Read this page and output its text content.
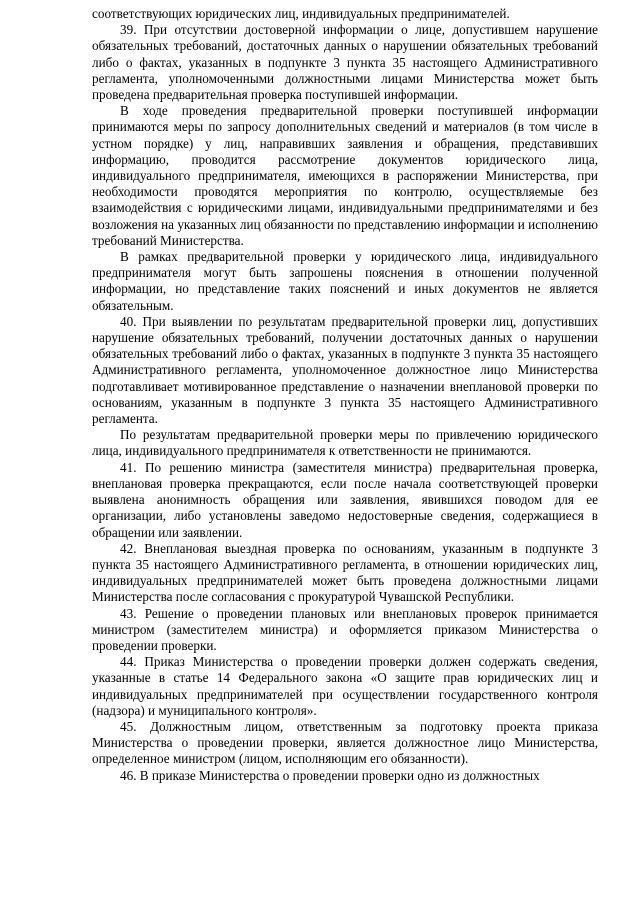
соответствующих юридических лиц, индивидуальных предпринимателей.

39. При отсутствии достоверной информации о лице, допустившем нарушение обязательных требований, достаточных данных о нарушении обязательных требований либо о фактах, указанных в подпункте 3 пункта 35 настоящего Административного регламента, уполномоченными должностными лицами Министерства может быть проведена предварительная проверка поступившей информации.

В ходе проведения предварительной проверки поступившей информации принимаются меры по запросу дополнительных сведений и материалов (в том числе в устном порядке) у лиц, направивших заявления и обращения, представивших информацию, проводится рассмотрение документов юридического лица, индивидуального предпринимателя, имеющихся в распоряжении Министерства, при необходимости проводятся мероприятия по контролю, осуществляемые без взаимодействия с юридическими лицами, индивидуальными предпринимателями и без возложения на указанных лиц обязанности по представлению информации и исполнению требований Министерства.

В рамках предварительной проверки у юридического лица, индивидуального предпринимателя могут быть запрошены пояснения в отношении полученной информации, но представление таких пояснений и иных документов не является обязательным.

40. При выявлении по результатам предварительной проверки лиц, допустивших нарушение обязательных требований, получении достаточных данных о нарушении обязательных требований либо о фактах, указанных в подпункте 3 пункта 35 настоящего Административного регламента, уполномоченное должностное лицо Министерства подготавливает мотивированное представление о назначении внеплановой проверки по основаниям, указанным в подпункте 3 пункта 35 настоящего Административного регламента.

По результатам предварительной проверки меры по привлечению юридического лица, индивидуального предпринимателя к ответственности не принимаются.

41. По решению министра (заместителя министра) предварительная проверка, внеплановая проверка прекращаются, если после начала соответствующей проверки выявлена анонимность обращения или заявления, явившихся поводом для ее организации, либо установлены заведомо недостоверные сведения, содержащиеся в обращении или заявлении.

42. Внеплановая выездная проверка по основаниям, указанным в подпункте 3 пункта 35 настоящего Административного регламента, в отношении юридических лиц, индивидуальных предпринимателей может быть проведена должностными лицами Министерства после согласования с прокуратурой Чувашской Республики.

43. Решение о проведении плановых или внеплановых проверок принимается министром (заместителем министра) и оформляется приказом Министерства о проведении проверки.

44. Приказ Министерства о проведении проверки должен содержать сведения, указанные в статье 14 Федерального закона «О защите прав юридических лиц и индивидуальных предпринимателей при осуществлении государственного контроля (надзора) и муниципального контроля».

45. Должностным лицом, ответственным за подготовку проекта приказа Министерства о проведении проверки, является должностное лицо Министерства, определенное министром (лицом, исполняющим его обязанности).

46. В приказе Министерства о проведении проверки одно из должностных
